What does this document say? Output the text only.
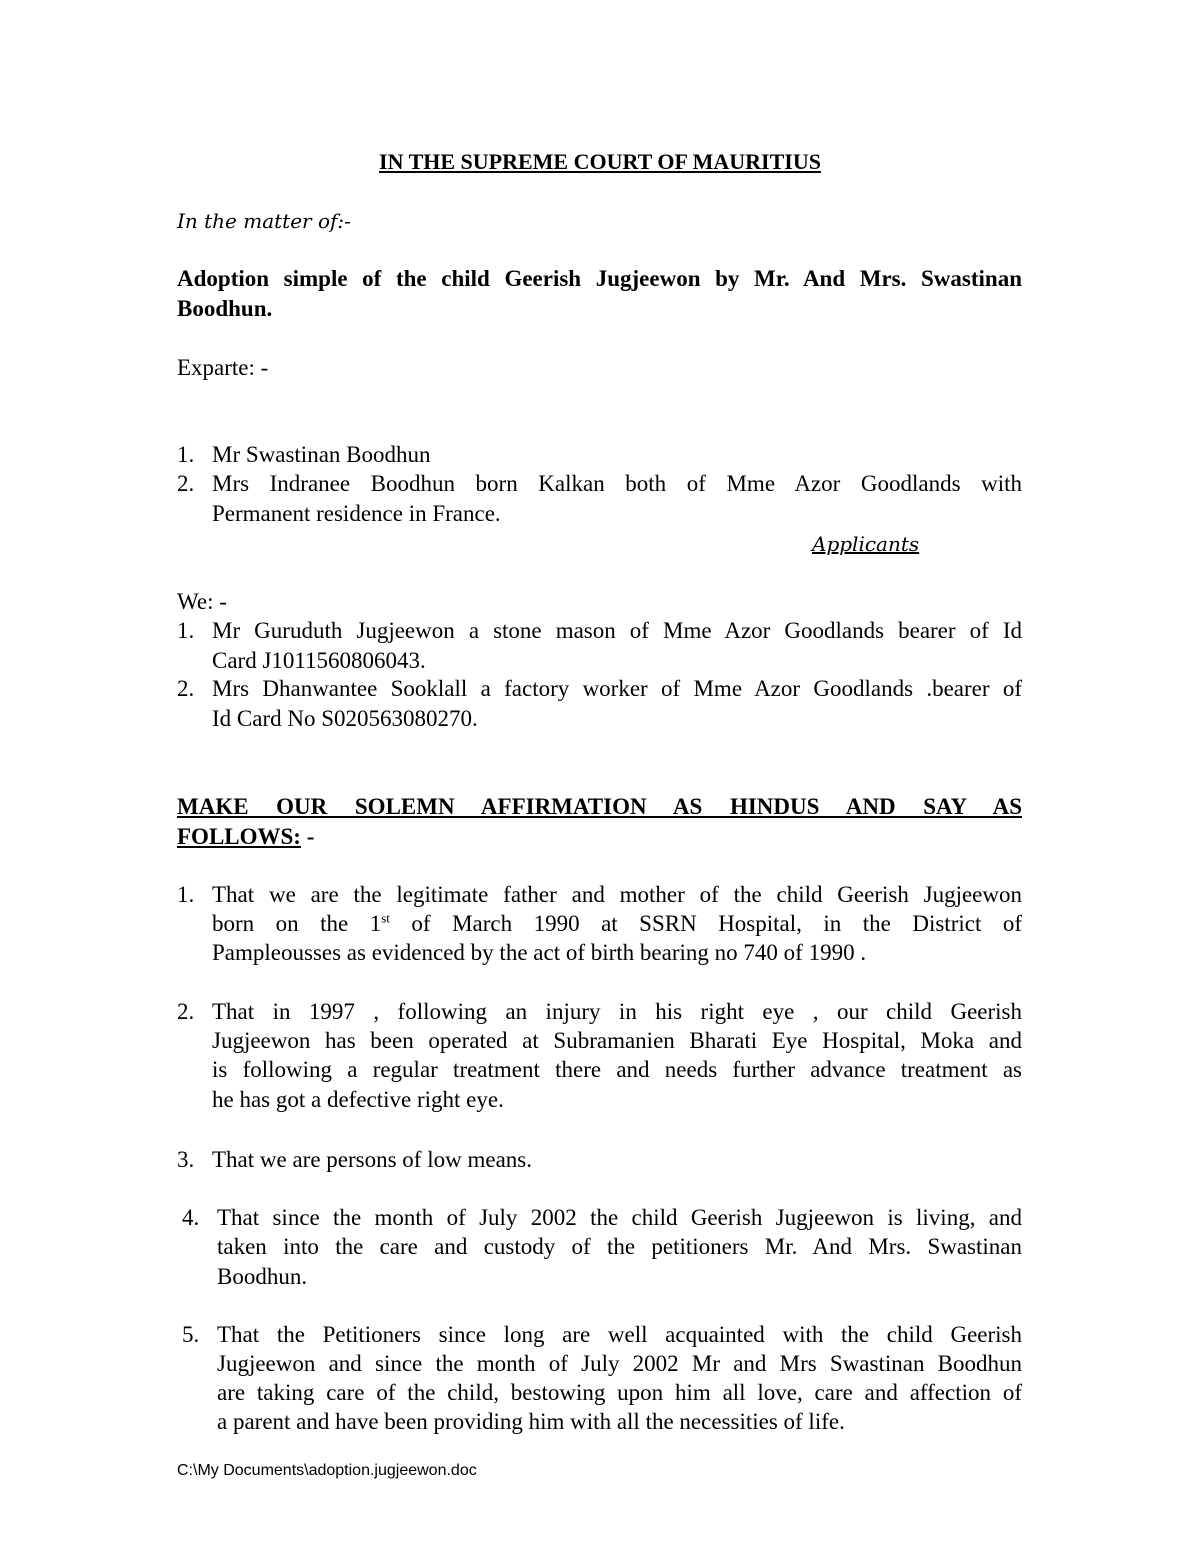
IN THE SUPREME COURT OF MAURITIUS
In the matter of:-
Adoption simple of the child Geerish Jugjeewon by Mr. And Mrs. Swastinan
Boodhun.
Exparte: -
1. Mr Swastinan Boodhun
2. Mrs Indranee Boodhun born Kalkan both of Mme Azor Goodlands with
Permanent residence in France.
Applicants
We: -
1. Mr Guruduth Jugjeewon a stone mason of Mme Azor Goodlands bearer of Id
Card J1011560806043.
2. Mrs Dhanwantee Sooklall a factory worker of Mme Azor Goodlands .bearer of
Id Card No S020563080270.
MAKE OUR SOLEMN AFFIRMATION AS HINDUS AND SAY AS
FOLLOWS: -
1. That we are the legitimate father and mother of the child Geerish Jugjeewon
born on the 1st of March 1990 at SSRN Hospital, in the District of
Pampleousses as evidenced by the act of birth bearing no 740 of 1990 .
2. That in 1997 , following an injury in his right eye , our child Geerish
Jugjeewon has been operated at Subramanien Bharati Eye Hospital, Moka and
is following a regular treatment there and needs further advance treatment as
he has got a defective right eye.
3. That we are persons of low means.
4. That since the month of July 2002 the child Geerish Jugjeewon is living, and
taken into the care and custody of the petitioners Mr. And Mrs. Swastinan
Boodhun.
5. That the Petitioners since long are well acquainted with the child Geerish
Jugjeewon and since the month of July 2002 Mr and Mrs Swastinan Boodhun
are taking care of the child, bestowing upon him all love, care and affection of
a parent and have been providing him with all the necessities of life.
C:\My Documents\adoption.jugjeewon.doc
